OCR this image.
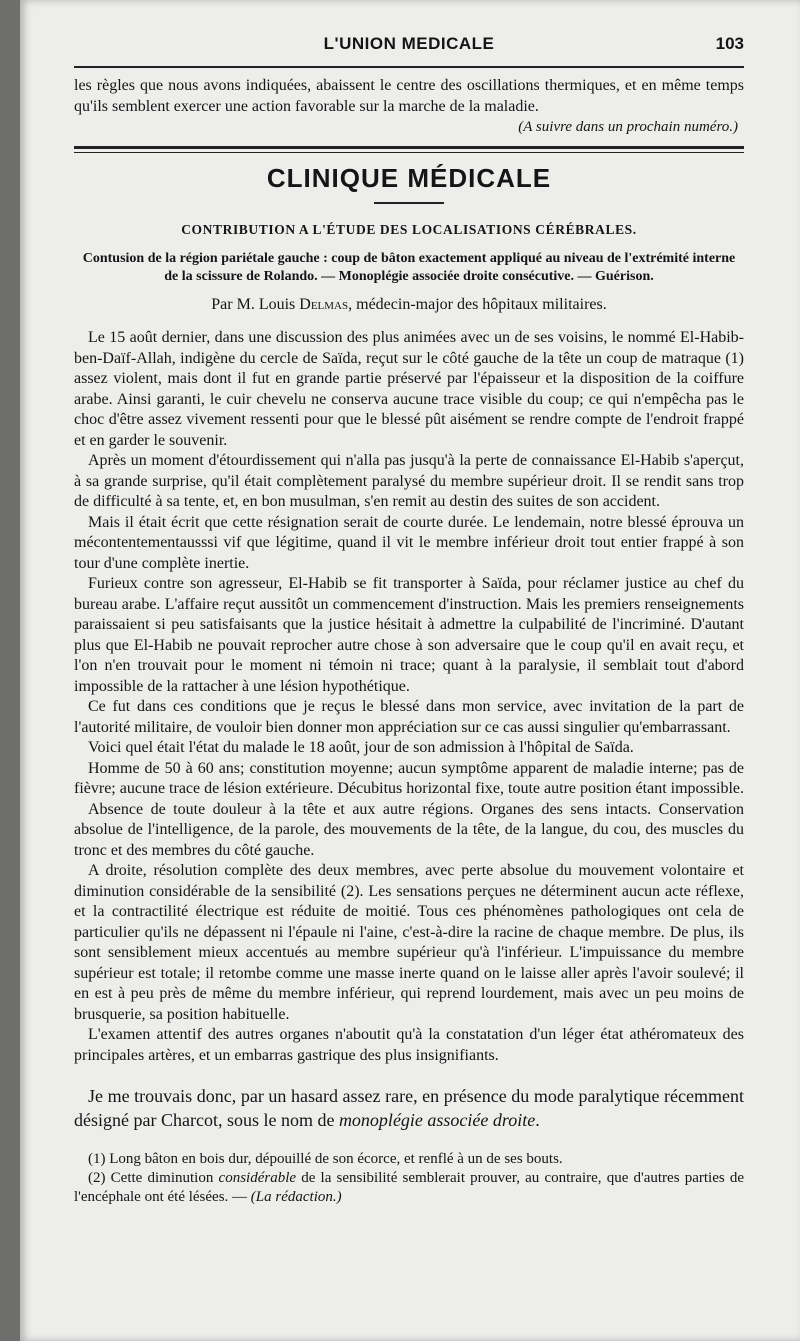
L'UNION MEDICALE	103

les règles que nous avons indiquées, abaissent le centre des oscillations thermiques, et en même temps qu'ils semblent exercer une action favorable sur la marche de la maladie.

(A suivre dans un prochain numéro.)
CLINIQUE MÉDICALE
CONTRIBUTION A L'ÉTUDE DES LOCALISATIONS CÉRÉBRALES.
Contusion de la région pariétale gauche : coup de bâton exactement appliqué au niveau de l'extrémité interne de la scissure de Rolando. — Monoplégie associée droite consécutive. — Guérison.
Par M. Louis Delmas, médecin-major des hôpitaux militaires.

Le 15 août dernier, dans une discussion des plus animées avec un de ses voisins, le nommé El-Habib-ben-Daïf-Allah, indigène du cercle de Saïda, reçut sur le côté gauche de la tête un coup de matraque (1) assez violent, mais dont il fut en grande partie préservé par l'épaisseur et la disposition de la coiffure arabe. Ainsi garanti, le cuir chevelu ne conserva aucune trace visible du coup; ce qui n'empêcha pas le choc d'être assez vivement ressenti pour que le blessé pût aisément se rendre compte de l'endroit frappé et en garder le souvenir.

Après un moment d'étourdissement qui n'alla pas jusqu'à la perte de connaissance El-Habib s'aperçut, à sa grande surprise, qu'il était complètement paralysé du membre supérieur droit. Il se rendit sans trop de difficulté à sa tente, et, en bon musulman, s'en remit au destin des suites de son accident.

Mais il était écrit que cette résignation serait de courte durée. Le lendemain, notre blessé éprouva un mécontentementausssi vif que légitime, quand il vit le membre inférieur droit tout entier frappé à son tour d'une complète inertie.

Furieux contre son agresseur, El-Habib se fit transporter à Saïda, pour réclamer justice au chef du bureau arabe. L'affaire reçut aussitôt un commencement d'instruction. Mais les premiers renseignements paraissaient si peu satisfaisants que la justice hésitait à admettre la culpabilité de l'incriminé. D'autant plus que El-Habib ne pouvait reprocher autre chose à son adversaire que le coup qu'il en avait reçu, et l'on n'en trouvait pour le moment ni témoin ni trace; quant à la paralysie, il semblait tout d'abord impossible de la rattacher à une lésion hypothétique.

Ce fut dans ces conditions que je reçus le blessé dans mon service, avec invitation de la part de l'autorité militaire, de vouloir bien donner mon appréciation sur ce cas aussi singulier qu'embarrassant.

Voici quel était l'état du malade le 18 août, jour de son admission à l'hôpital de Saïda.

Homme de 50 à 60 ans; constitution moyenne; aucun symptôme apparent de maladie interne; pas de fièvre; aucune trace de lésion extérieure. Décubitus horizontal fixe, toute autre position étant impossible.

Absence de toute douleur à la tête et aux autre régions. Organes des sens intacts. Conservation absolue de l'intelligence, de la parole, des mouvements de la tête, de la langue, du cou, des muscles du tronc et des membres du côté gauche.

A droite, résolution complète des deux membres, avec perte absolue du mouvement volontaire et diminution considérable de la sensibilité (2). Les sensations perçues ne déterminent aucun acte réflexe, et la contractilité électrique est réduite de moitié. Tous ces phénomènes pathologiques ont cela de particulier qu'ils ne dépassent ni l'épaule ni l'aine, c'est-à-dire la racine de chaque membre. De plus, ils sont sensiblement mieux accentués au membre supérieur qu'à l'inférieur. L'impuissance du membre supérieur est totale; il retombe comme une masse inerte quand on le laisse aller après l'avoir soulevé; il en est à peu près de même du membre inférieur, qui reprend lourdement, mais avec un peu moins de brusquerie, sa position habituelle.

L'examen attentif des autres organes n'aboutit qu'à la constatation d'un léger état athéromateux des principales artères, et un embarras gastrique des plus insignifiants.

Je me trouvais donc, par un hasard assez rare, en présence du mode paralytique récemment désigné par Charcot, sous le nom de monoplégie associée droite.

(1) Long bâton en bois dur, dépouillé de son écorce, et renflé à un de ses bouts.

(2) Cette diminution considérable de la sensibilité semblerait prouver, au contraire, que d'autres parties de l'encéphale ont été lésées. — (La rédaction.)
